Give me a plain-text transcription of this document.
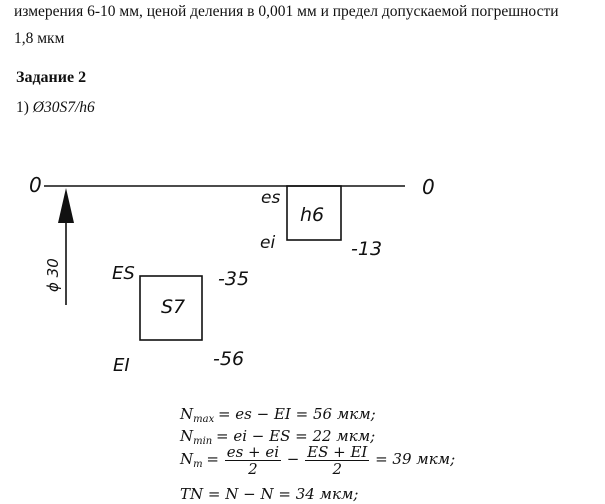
измерения 6-10 мм, ценой деления в 0,001 мм и предел допускаемой погрешности
1,8 мкм
Задание 2
1) Ø30S7/h6
0	0
ϕ 30
h6
es
ei	-13
S7
ES
EI
-35
-56
$N_{max}$ = es − EI = 56 мкм;
$N_{min}$ = ei − ES = 22 мкм;
$N_m = \frac{es + ei}{2} - \frac{ES + EI}{2} = 39$ мкм;
TN = N − N = 34 мкм;
